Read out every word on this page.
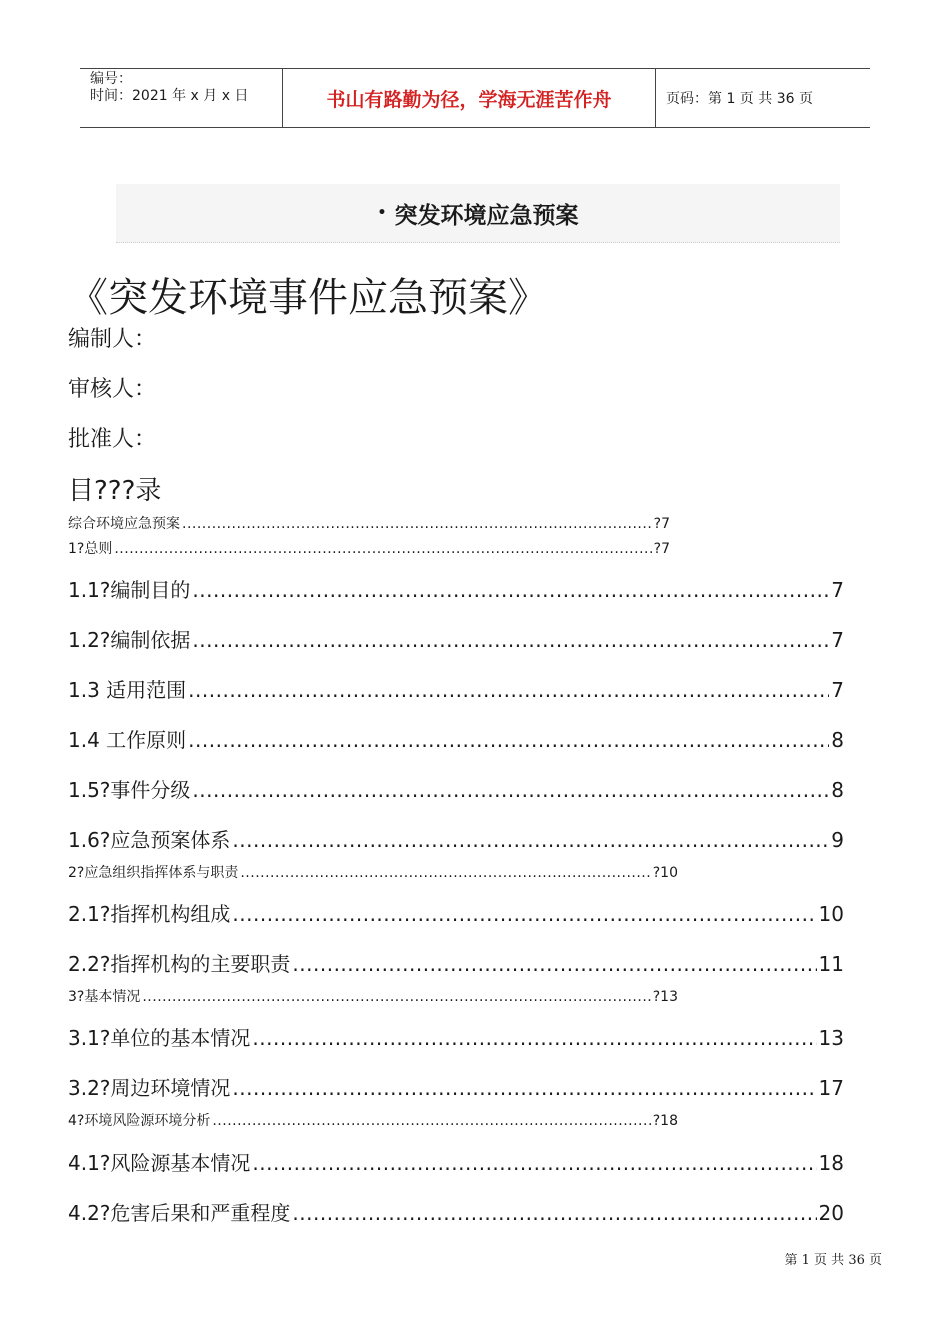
编号：
时间：2021 年 x 月 x 日	书山有路勤为径，学海无涯苦作舟	页码：第 1 页 共 36 页
• 突发环境应急预案
《突发环境事件应急预案》
编制人：
审核人：
批准人：
目???录
综合环境应急预案 .....	?7
1?总则 .....	?7
1.1?编制目的 .....	7
1.2?编制依据 .....	7
1.3 适用范围 .....	7
1.4 工作原则 .....	8
1.5?事件分级 .....	8
1.6?应急预案体系 .....	9
2?应急组织指挥体系与职责 .....	?10
2.1?指挥机构组成 .....	10
2.2?指挥机构的主要职责 .....	11
3?基本情况 .....	?13
3.1?单位的基本情况 .....	13
3.2?周边环境情况 .....	17
4?环境风险源环境分析 .....	?18
4.1?风险源基本情况 .....	18
4.2?危害后果和严重程度 .....	20
第 1 页 共 36 页
